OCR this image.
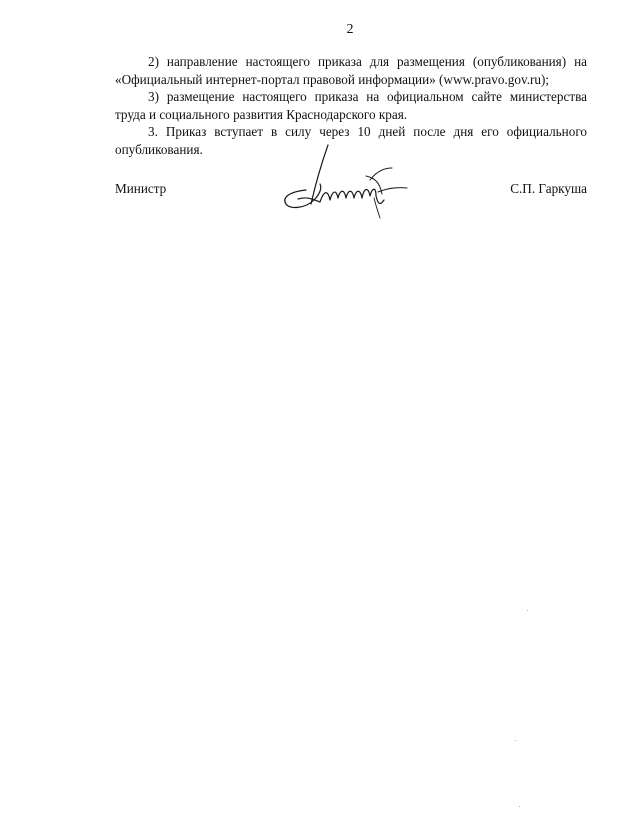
2

2) направление настоящего приказа для размещения (опубликования) на «Официальный интернет-портал правовой информации» (www.pravo.gov.ru);

3) размещение настоящего приказа на официальном сайте министерства труда и социального развития Краснодарского края.

3. Приказ вступает в силу через 10 дней после дня его официального опубликования.

Министр	С.П. Гаркуша
